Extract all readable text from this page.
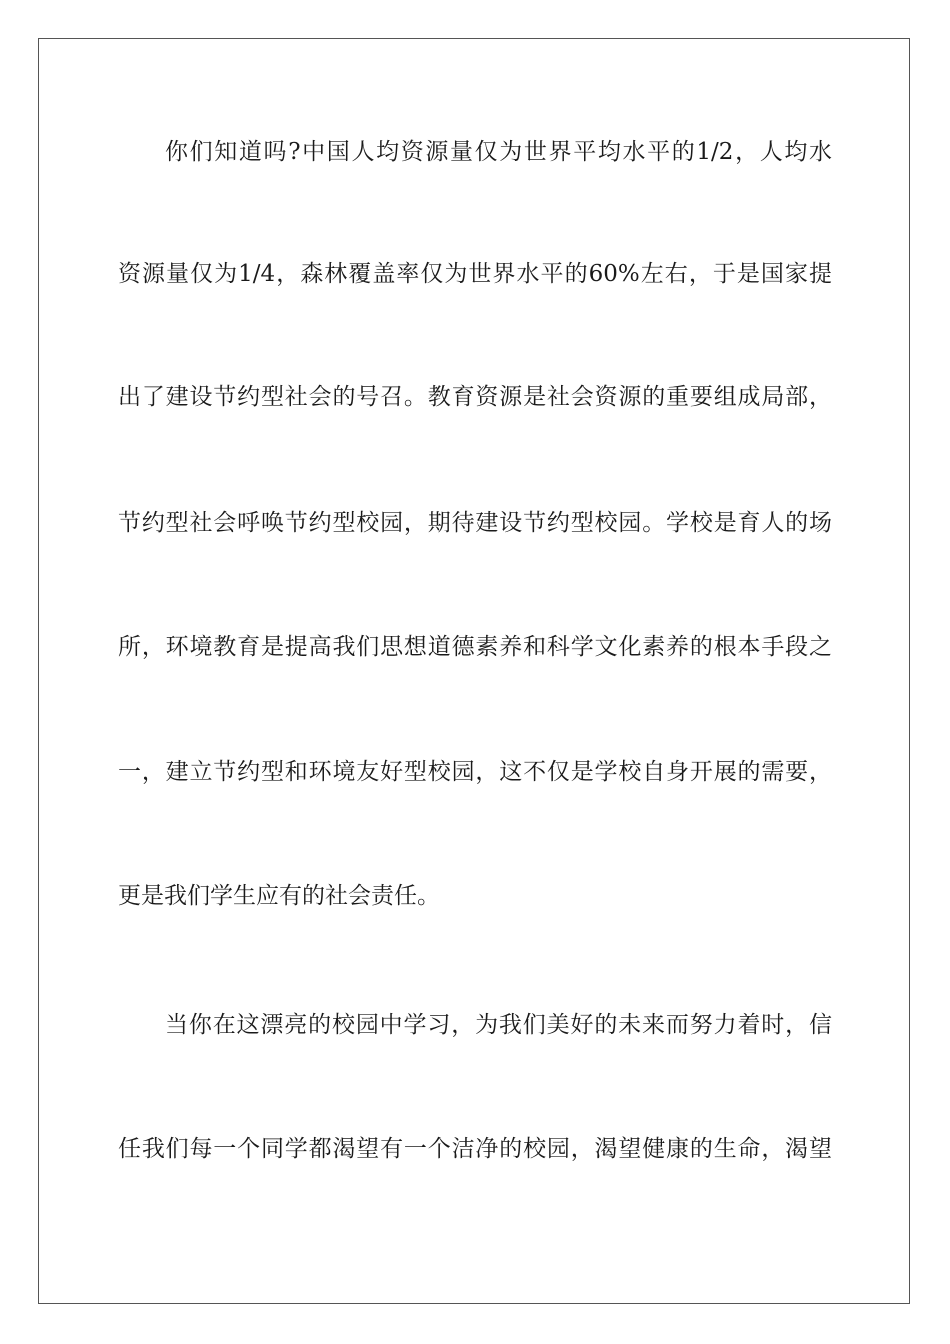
你们知道吗?中国人均资源量仅为世界平均水平的1/2，人均水
资源量仅为1/4，森林覆盖率仅为世界水平的60%左右，于是国家提
出了建设节约型社会的号召。教育资源是社会资源的重要组成局部，
节约型社会呼唤节约型校园，期待建设节约型校园。学校是育人的场
所，环境教育是提高我们思想道德素养和科学文化素养的根本手段之
一，建立节约型和环境友好型校园，这不仅是学校自身开展的需要，
更是我们学生应有的社会责任。
当你在这漂亮的校园中学习，为我们美好的未来而努力着时，信
任我们每一个同学都渴望有一个洁净的校园，渴望健康的生命，渴望
